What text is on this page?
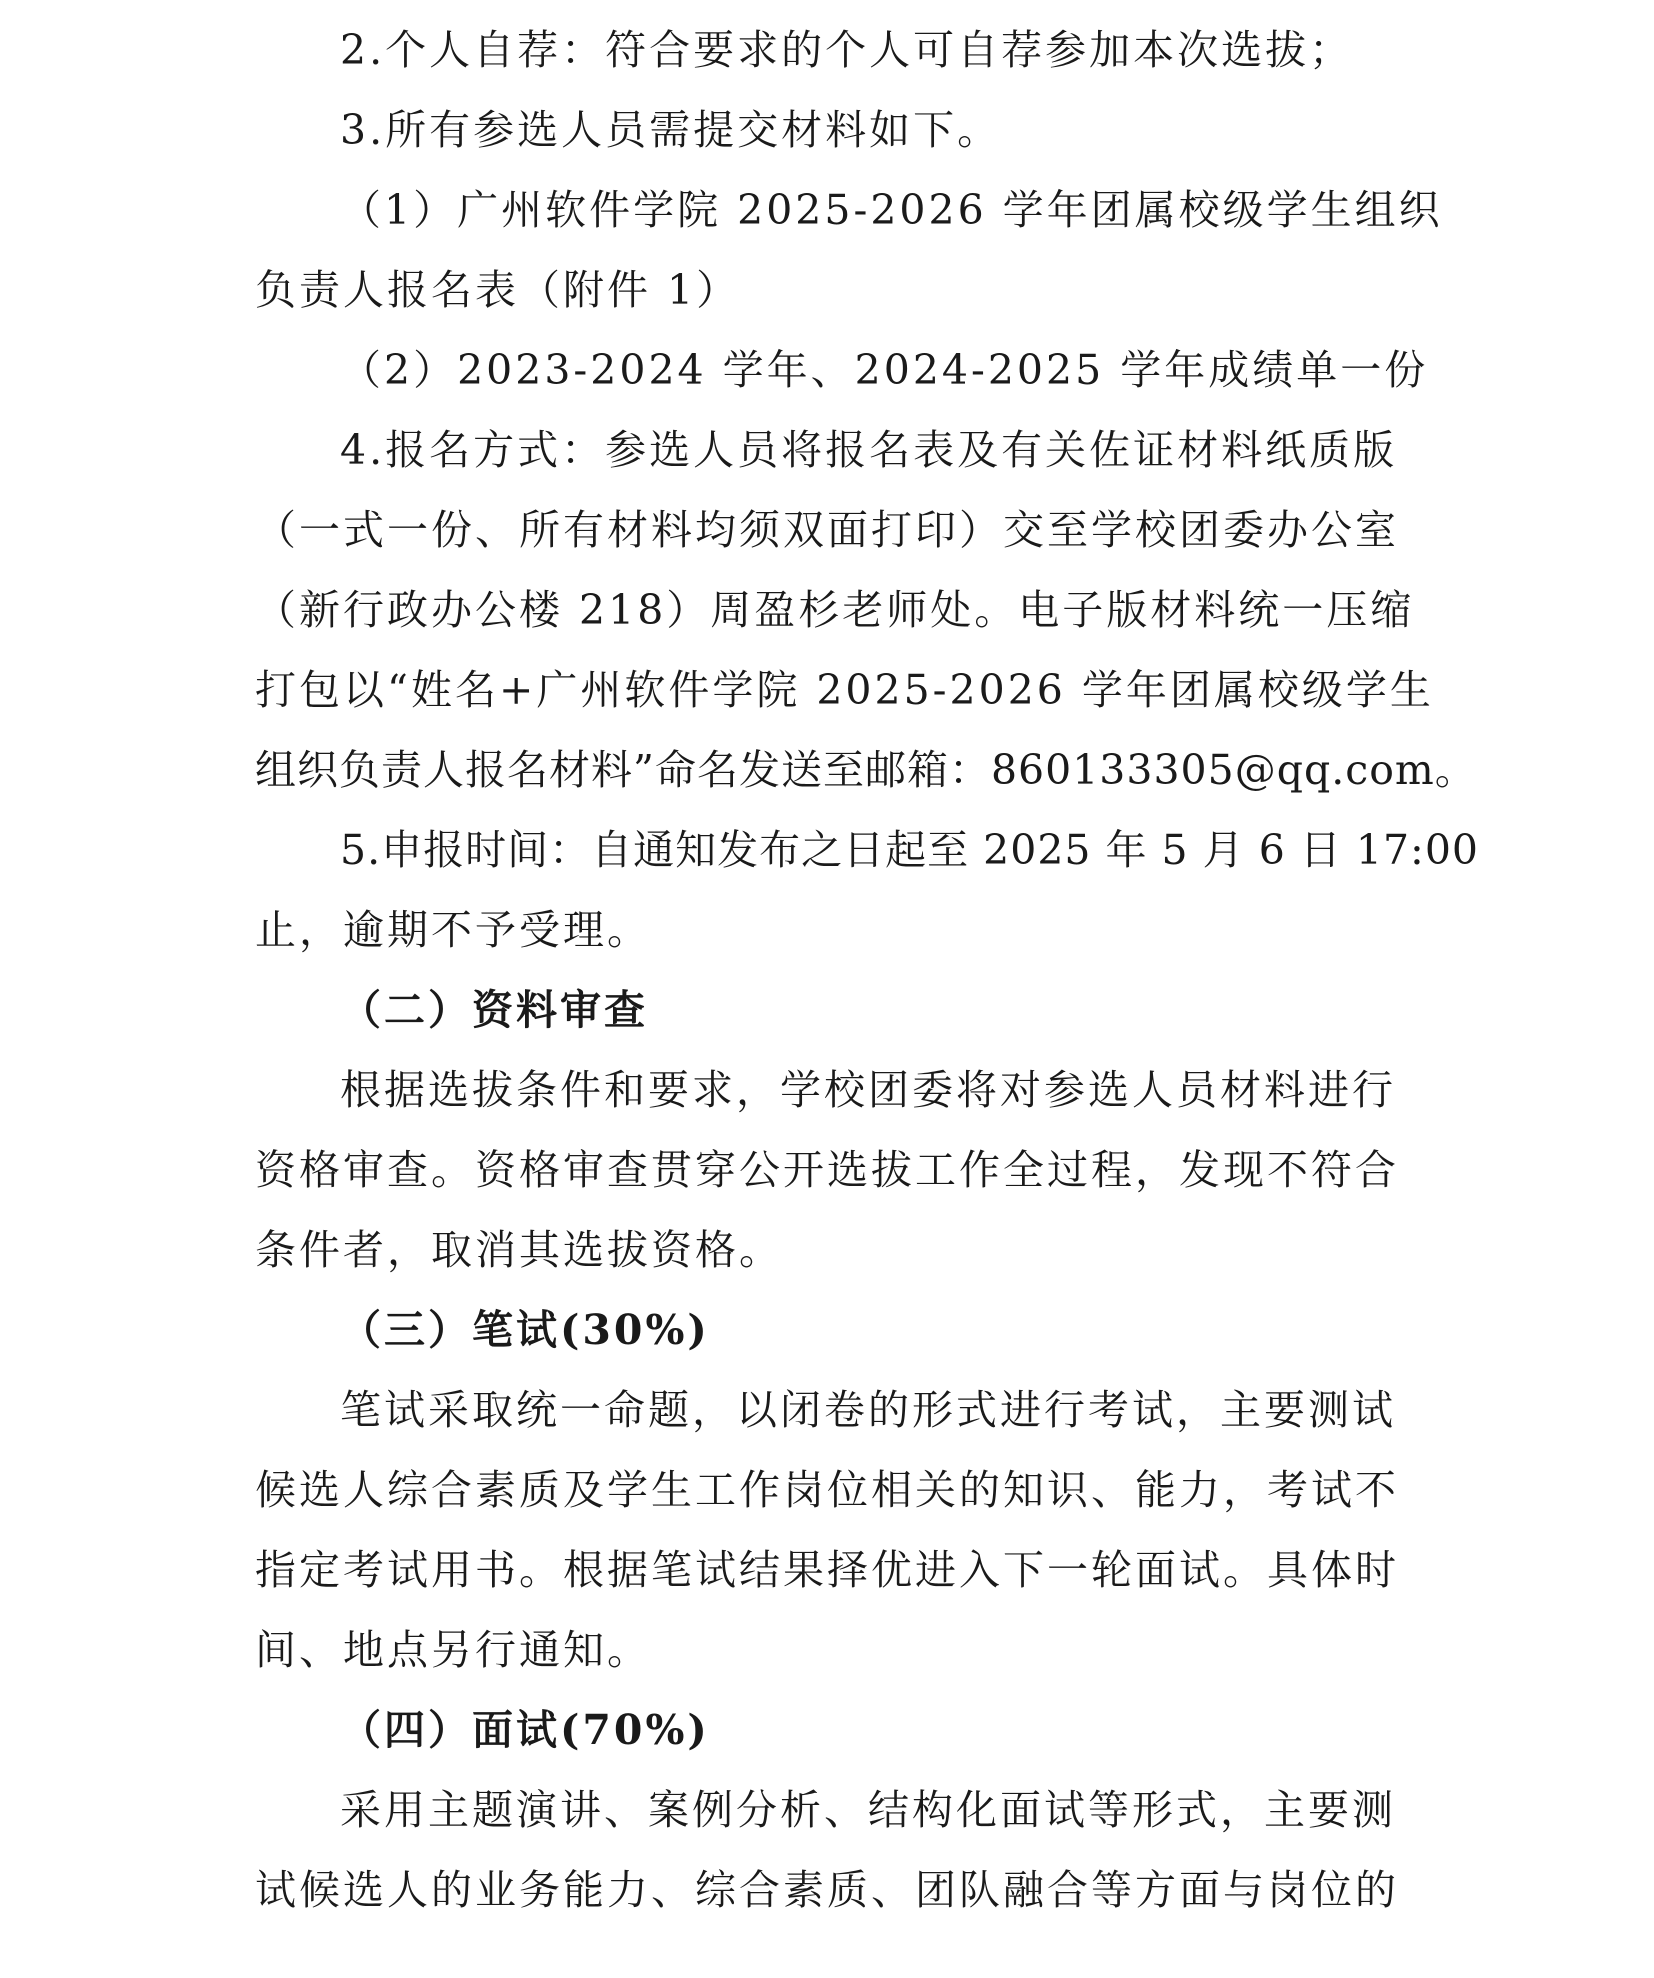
2.个人自荐：符合要求的个人可自荐参加本次选拔；
3.所有参选人员需提交材料如下。
（1）广州软件学院 2025-2026 学年团属校级学生组织
负责人报名表（附件 1）
（2）2023-2024 学年、2024-2025 学年成绩单一份
4.报名方式：参选人员将报名表及有关佐证材料纸质版
（一式一份、所有材料均须双面打印）交至学校团委办公室
（新行政办公楼 218）周盈杉老师处。电子版材料统一压缩
打包以“姓名+广州软件学院 2025-2026 学年团属校级学生
组织负责人报名材料”命名发送至邮箱：860133305@qq.com。
5.申报时间：自通知发布之日起至 2025 年 5 月 6 日 17:00
止，逾期不予受理。
（二）资料审查
根据选拔条件和要求，学校团委将对参选人员材料进行
资格审查。资格审查贯穿公开选拔工作全过程，发现不符合
条件者，取消其选拔资格。
（三）笔试(30%)
笔试采取统一命题，以闭卷的形式进行考试，主要测试
候选人综合素质及学生工作岗位相关的知识、能力，考试不
指定考试用书。根据笔试结果择优进入下一轮面试。具体时
间、地点另行通知。
（四）面试(70%)
采用主题演讲、案例分析、结构化面试等形式，主要测
试候选人的业务能力、综合素质、团队融合等方面与岗位的
